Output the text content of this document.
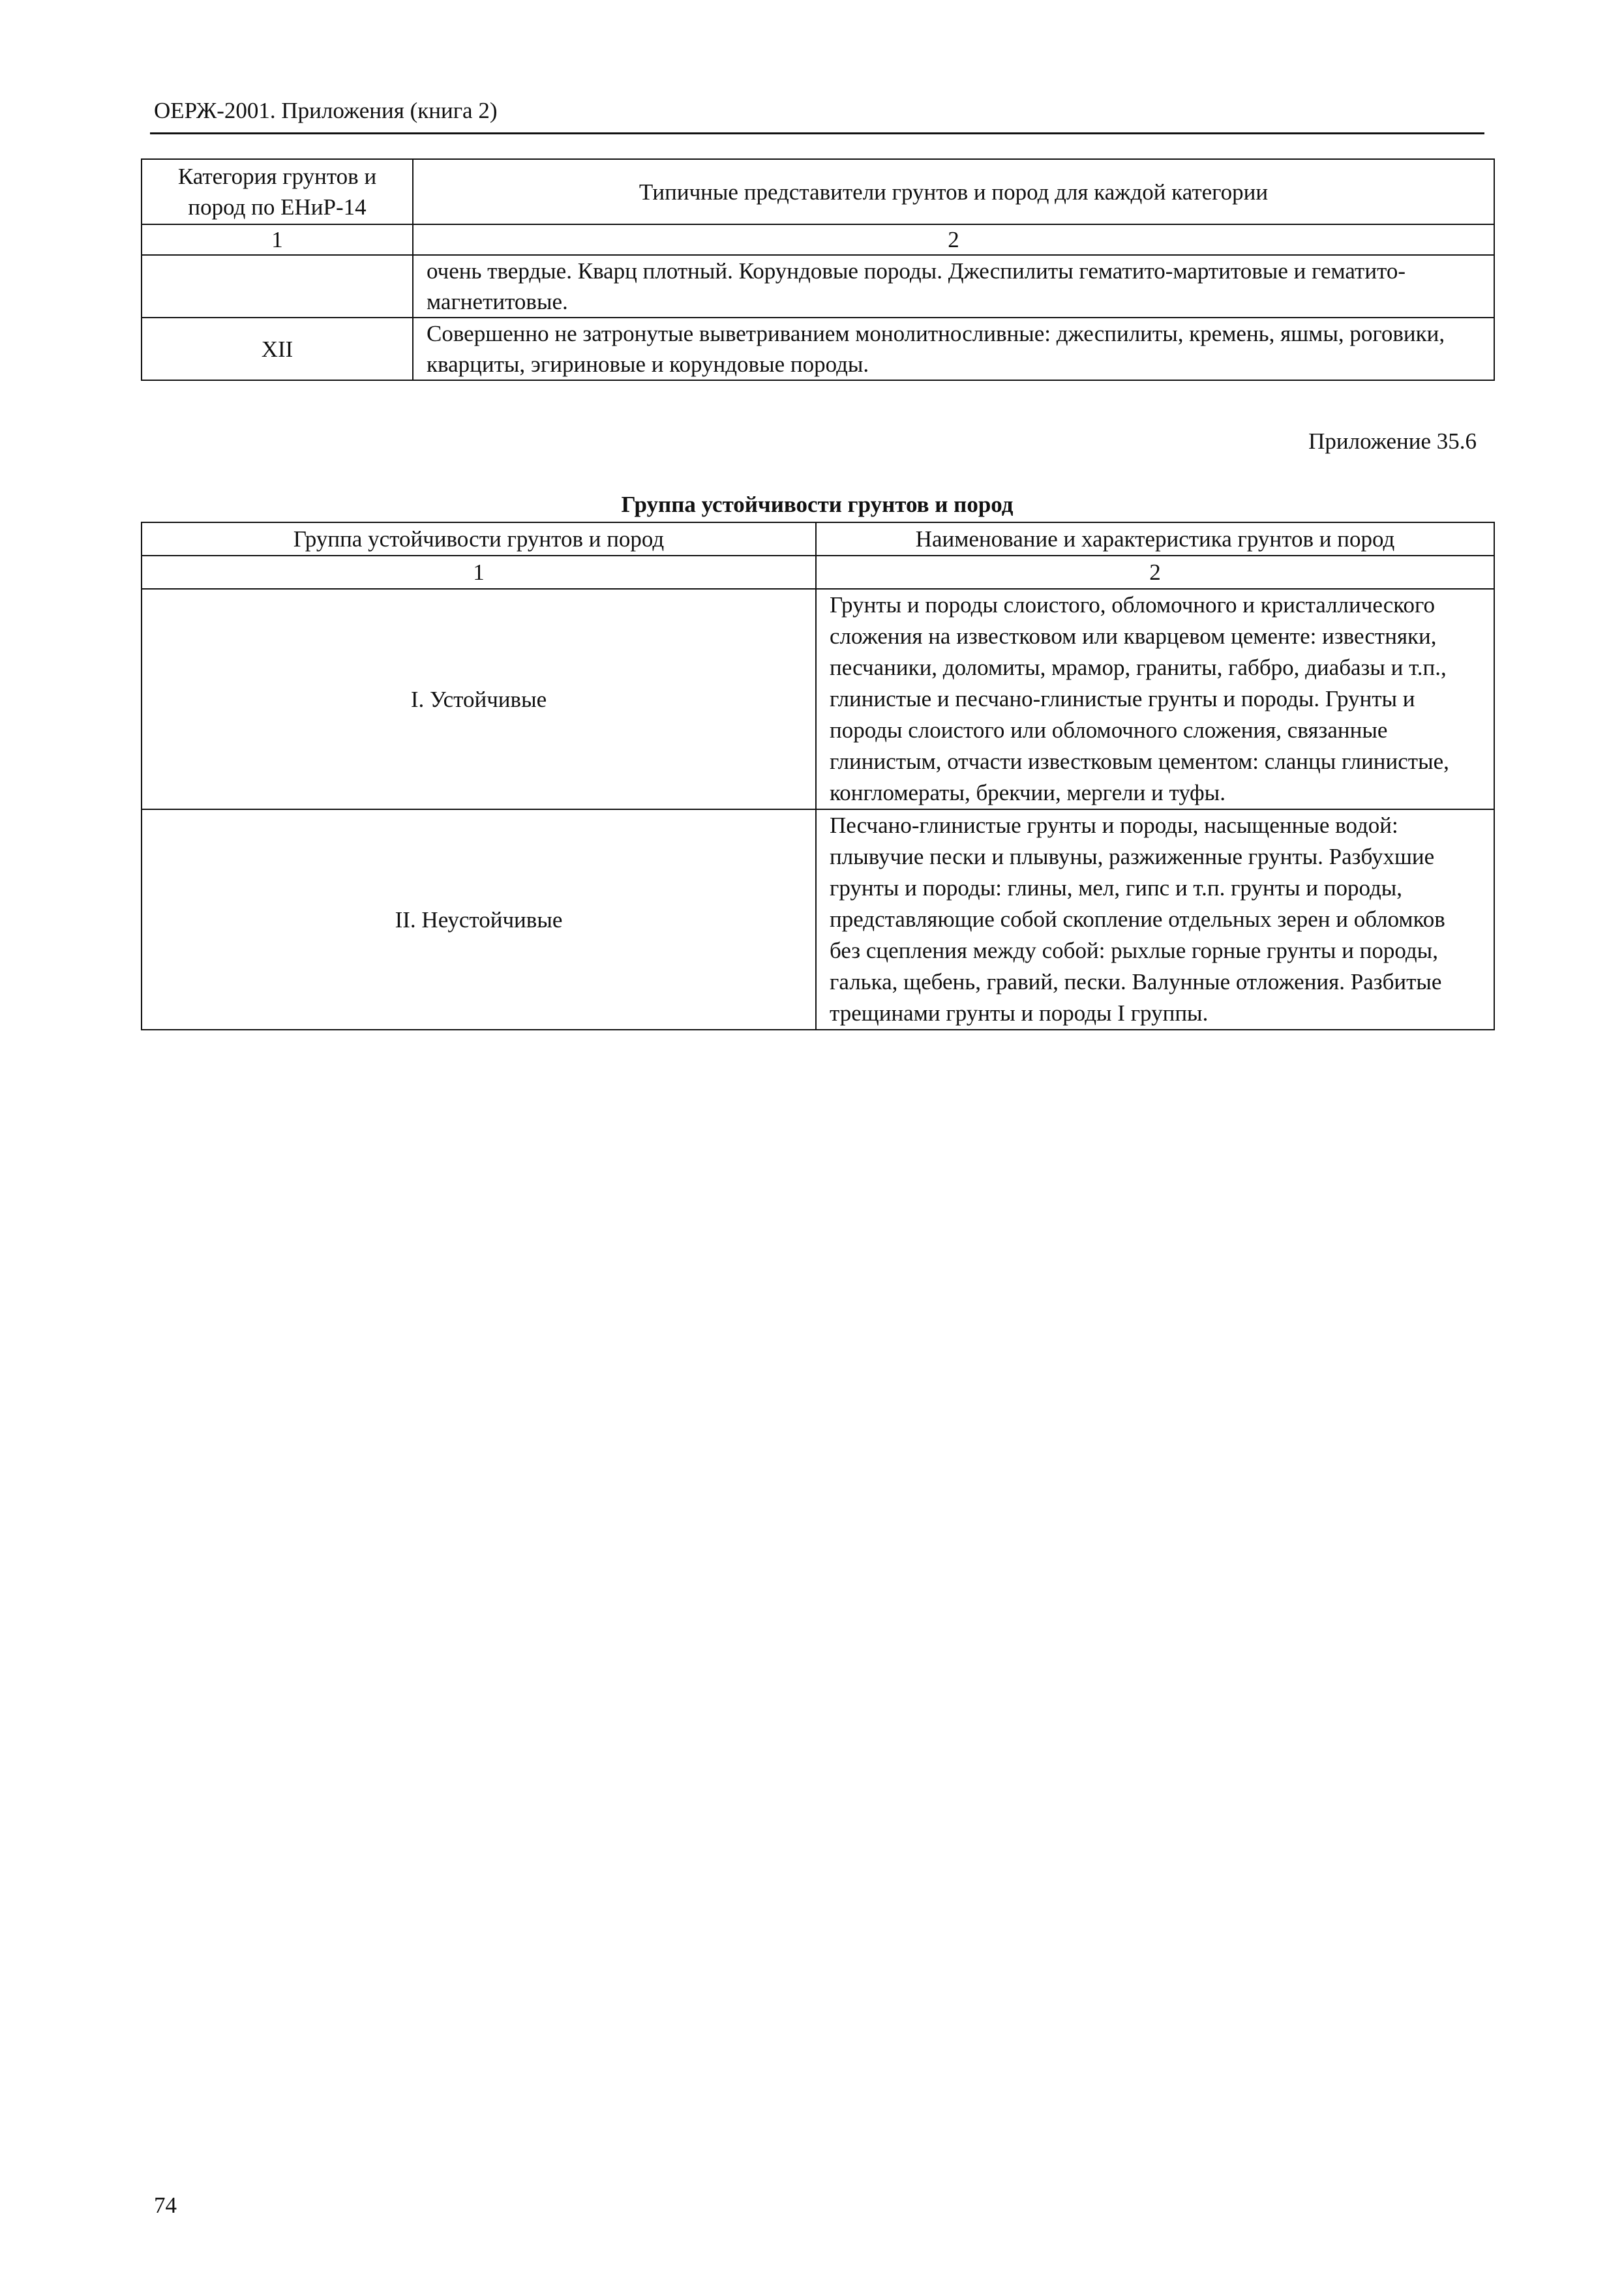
ОЕРЖ-2001. Приложения (книга 2)
Категория грунтов и
пород по ЕНиР-14	Типичные представители грунтов и пород для каждой категории
1	2
	очень твердые. Кварц плотный. Корундовые породы. Джеспилиты гематито-мартитовые и гематито-магнетитовые.
XII	Совершенно не затронутые выветриванием монолитносливные: джеспилиты, кремень, яшмы, роговики, кварциты, эгириновые и корундовые породы.
Приложение 35.6
Группа устойчивости грунтов и пород
Группа устойчивости грунтов и пород	Наименование и характеристика грунтов и пород
1	2
I. Устойчивые	Грунты и породы слоистого, обломочного и кристаллического сложения на известковом или кварцевом цементе: известняки, песчаники, доломиты, мрамор, граниты, габбро, диабазы и т.п., глинистые и песчано-глинистые грунты и породы. Грунты и породы слоистого или обломочного сложения, связанные глинистым, отчасти известковым цементом: сланцы глинистые, конгломераты, брекчии, мергели и туфы.
II. Неустойчивые	Песчано-глинистые грунты и породы, насыщенные водой: плывучие пески и плывуны, разжиженные грунты. Разбухшие грунты и породы: глины, мел, гипс и т.п. грунты и породы, представляющие собой скопление отдельных зерен и обломков без сцепления между собой: рыхлые горные грунты и породы, галька, щебень, гравий, пески. Валунные отложения. Разбитые трещинами грунты и породы I группы.
74
